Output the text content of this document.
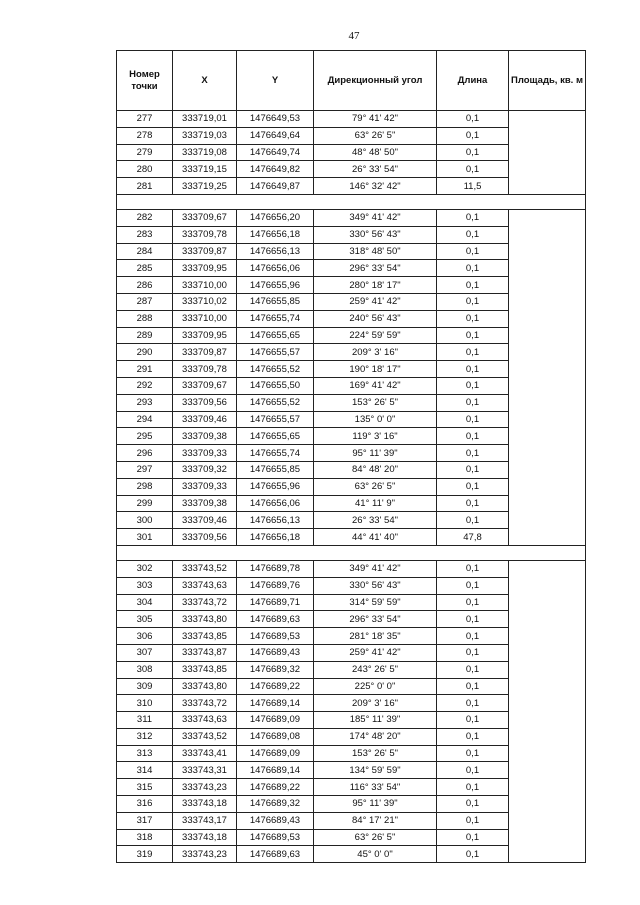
47
Номер точки	X	Y	Дирекционный угол	Длина	Площадь, кв. м
277	333719,01	1476649,53	79° 41' 42"	0,1	
278	333719,03	1476649,64	63° 26' 5"	0,1	
279	333719,08	1476649,74	48° 48' 50"	0,1	
280	333719,15	1476649,82	26° 33' 54"	0,1	
281	333719,25	1476649,87	146° 32' 42"	11,5	

282	333709,67	1476656,20	349° 41' 42"	0,1	
283	333709,78	1476656,18	330° 56' 43"	0,1	
284	333709,87	1476656,13	318° 48' 50"	0,1	
285	333709,95	1476656,06	296° 33' 54"	0,1	
286	333710,00	1476655,96	280° 18' 17"	0,1	
287	333710,02	1476655,85	259° 41' 42"	0,1	
288	333710,00	1476655,74	240° 56' 43"	0,1	
289	333709,95	1476655,65	224° 59' 59"	0,1	
290	333709,87	1476655,57	209° 3' 16"	0,1	
291	333709,78	1476655,52	190° 18' 17"	0,1	
292	333709,67	1476655,50	169° 41' 42"	0,1	
293	333709,56	1476655,52	153° 26' 5"	0,1	
294	333709,46	1476655,57	135° 0' 0"	0,1	
295	333709,38	1476655,65	119° 3' 16"	0,1	
296	333709,33	1476655,74	95° 11' 39"	0,1	
297	333709,32	1476655,85	84° 48' 20"	0,1	
298	333709,33	1476655,96	63° 26' 5"	0,1	
299	333709,38	1476656,06	41° 11' 9"	0,1	
300	333709,46	1476656,13	26° 33' 54"	0,1	
301	333709,56	1476656,18	44° 41' 40"	47,8	

302	333743,52	1476689,78	349° 41' 42"	0,1	
303	333743,63	1476689,76	330° 56' 43"	0,1	
304	333743,72	1476689,71	314° 59' 59"	0,1	
305	333743,80	1476689,63	296° 33' 54"	0,1	
306	333743,85	1476689,53	281° 18' 35"	0,1	
307	333743,87	1476689,43	259° 41' 42"	0,1	
308	333743,85	1476689,32	243° 26' 5"	0,1	
309	333743,80	1476689,22	225° 0' 0"	0,1	
310	333743,72	1476689,14	209° 3' 16"	0,1	
311	333743,63	1476689,09	185° 11' 39"	0,1	
312	333743,52	1476689,08	174° 48' 20"	0,1	
313	333743,41	1476689,09	153° 26' 5"	0,1	
314	333743,31	1476689,14	134° 59' 59"	0,1	
315	333743,23	1476689,22	116° 33' 54"	0,1	
316	333743,18	1476689,32	95° 11' 39"	0,1	
317	333743,17	1476689,43	84° 17' 21"	0,1	
318	333743,18	1476689,53	63° 26' 5"	0,1	
319	333743,23	1476689,63	45° 0' 0"	0,1	
